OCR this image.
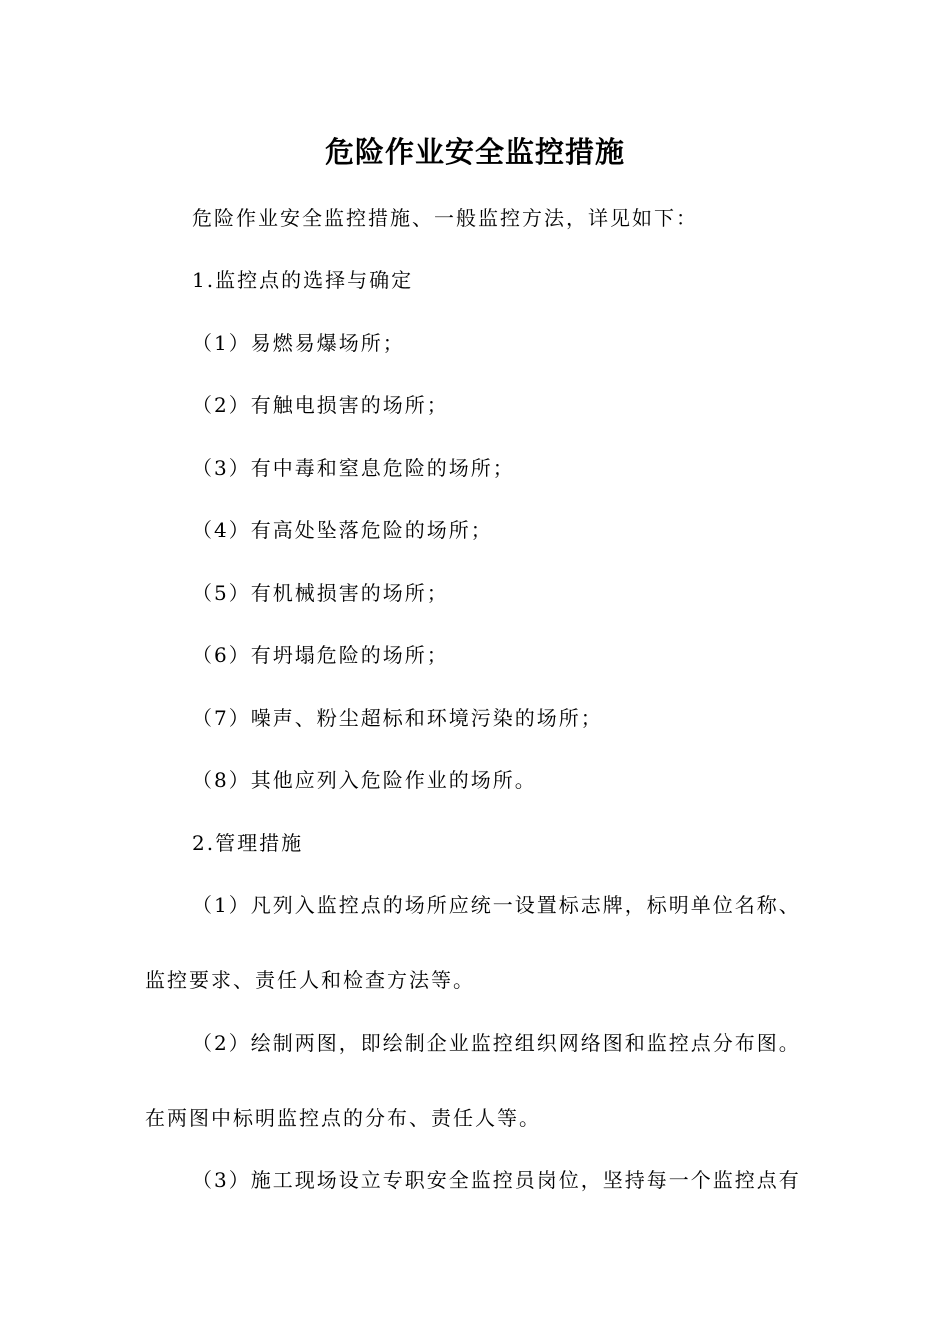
危险作业安全监控措施
危险作业安全监控措施、一般监控方法，详见如下：
1.监控点的选择与确定
（1）易燃易爆场所；
（2）有触电损害的场所；
（3）有中毒和窒息危险的场所；
（4）有高处坠落危险的场所；
（5）有机械损害的场所；
（6）有坍塌危险的场所；
（7）噪声、粉尘超标和环境污染的场所；
（8）其他应列入危险作业的场所。
2.管理措施
（1）凡列入监控点的场所应统一设置标志牌，标明单位名称、
监控要求、责任人和检查方法等。
（2）绘制两图，即绘制企业监控组织网络图和监控点分布图。
在两图中标明监控点的分布、责任人等。
（3）施工现场设立专职安全监控员岗位，坚持每一个监控点有
